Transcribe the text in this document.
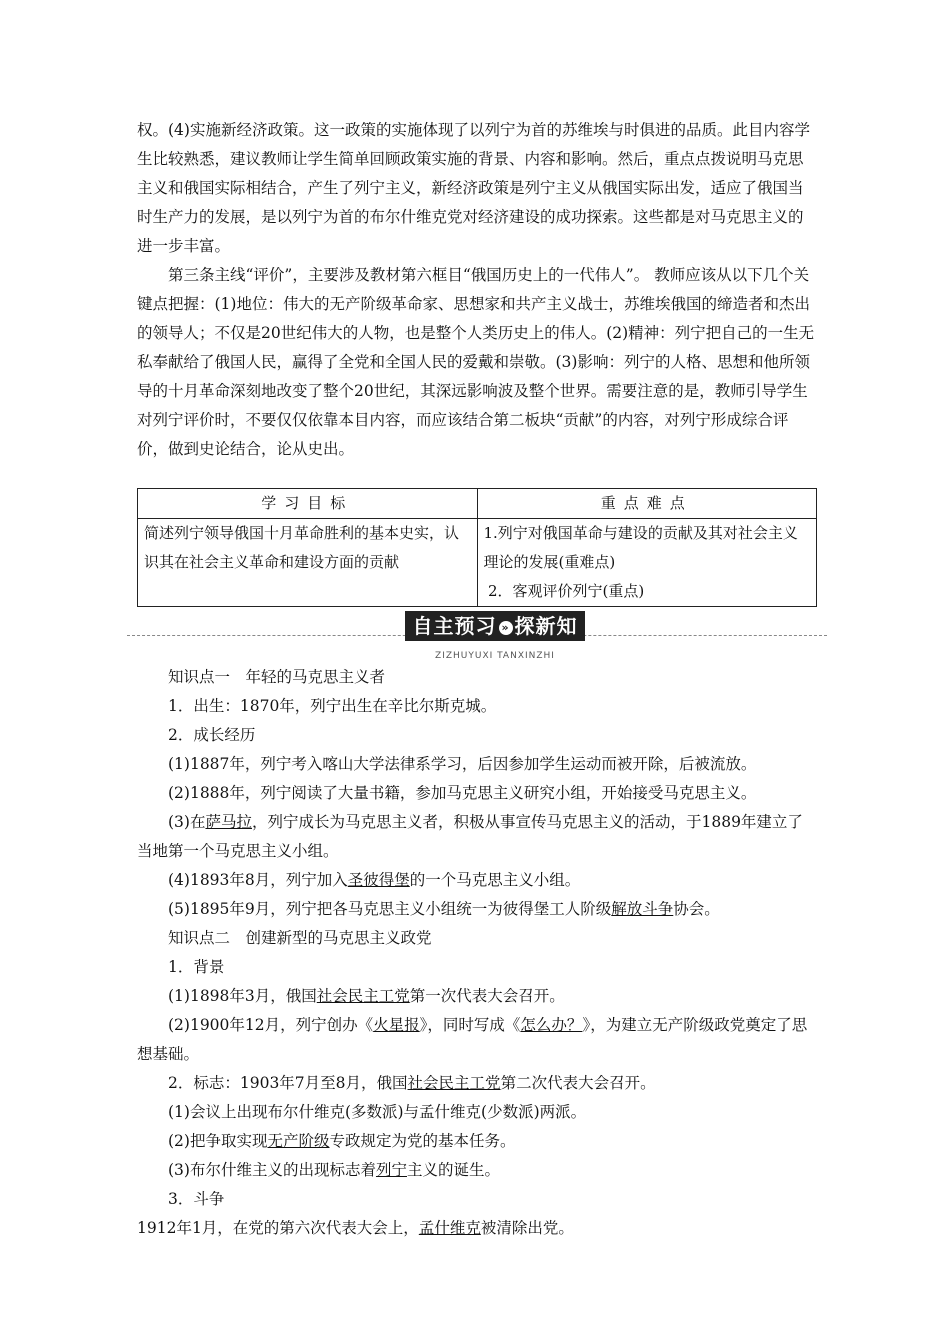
权。(4)实施新经济政策。这一政策的实施体现了以列宁为首的苏维埃与时俱进的品质。此目内容学生比较熟悉，建议教师让学生简单回顾政策实施的背景、内容和影响。然后，重点点拨说明马克思主义和俄国实际相结合，产生了列宁主义，新经济政策是列宁主义从俄国实际出发，适应了俄国当时生产力的发展，是以列宁为首的布尔什维克党对经济建设的成功探索。这些都是对马克思主义的进一步丰富。

第三条主线“评价”，主要涉及教材第六框目“俄国历史上的一代伟人”。 教师应该从以下几个关键点把握：(1)地位：伟大的无产阶级革命家、思想家和共产主义战士，苏维埃俄国的缔造者和杰出的领导人；不仅是20世纪伟大的人物，也是整个人类历史上的伟人。(2)精神：列宁把自己的一生无私奉献给了俄国人民，赢得了全党和全国人民的爱戴和崇敬。(3)影响：列宁的人格、思想和他所领导的十月革命深刻地改变了整个20世纪，其深远影响波及整个世界。需要注意的是，教师引导学生对列宁评价时，不要仅仅依靠本目内容，而应该结合第二板块“贡献”的内容，对列宁形成综合评价，做到史论结合，论从史出。

学习目标	重点难点
简述列宁领导俄国十月革命胜利的基本史实，认识其在社会主义革命和建设方面的贡献	1.列宁对俄国革命与建设的贡献及其对社会主义理论的发展(重难点)
2．客观评价列宁(重点)
自主预习 » 探新知
ZIZHUYUXI TANXINZHI

知识点一　年轻的马克思主义者

1．出生：1870年，列宁出生在辛比尔斯克城。

2．成长经历

(1)1887年，列宁考入喀山大学法律系学习，后因参加学生运动而被开除，后被流放。

(2)1888年，列宁阅读了大量书籍，参加马克思主义研究小组，开始接受马克思主义。

(3)在萨马拉，列宁成长为马克思主义者，积极从事宣传马克思主义的活动，于1889年建立了当地第一个马克思主义小组。

(4)1893年8月，列宁加入圣彼得堡的一个马克思主义小组。

(5)1895年9月，列宁把各马克思主义小组统一为彼得堡工人阶级解放斗争协会。

知识点二　创建新型的马克思主义政党

1．背景

(1)1898年3月，俄国社会民主工党第一次代表大会召开。

(2)1900年12月，列宁创办《火星报》，同时写成《怎么办？》，为建立无产阶级政党奠定了思想基础。

2．标志：1903年7月至8月，俄国社会民主工党第二次代表大会召开。

(1)会议上出现布尔什维克(多数派)与孟什维克(少数派)两派。

(2)把争取实现无产阶级专政规定为党的基本任务。

(3)布尔什维主义的出现标志着列宁主义的诞生。

3．斗争

1912年1月，在党的第六次代表大会上，孟什维克被清除出党。
